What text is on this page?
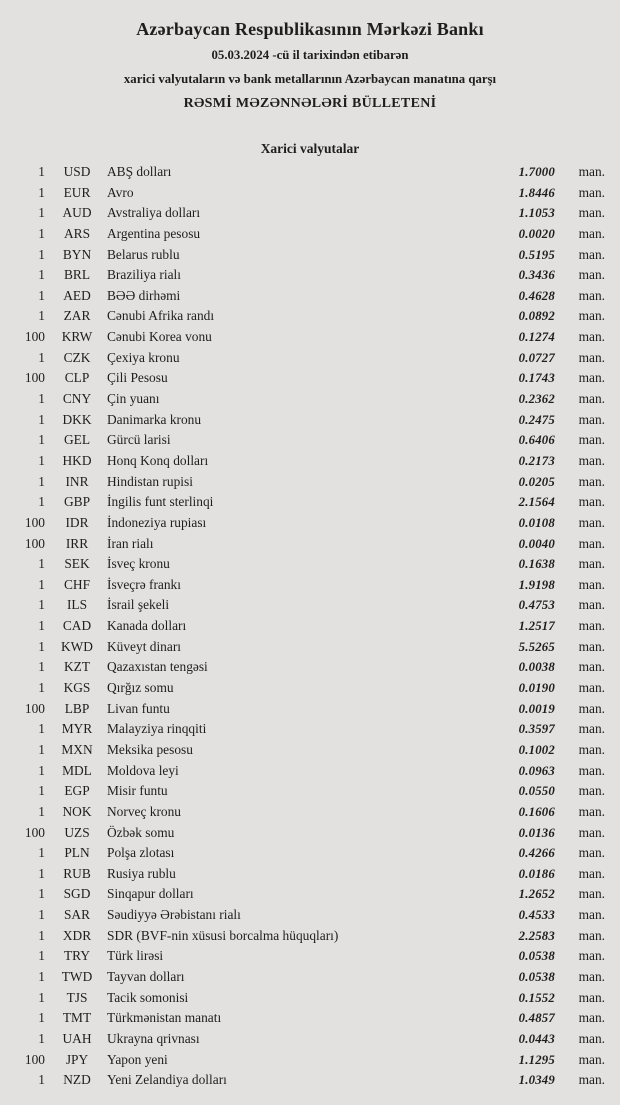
Azərbaycan Respublikasının Mərkəzi Bankı
05.03.2024 -cü il tarixindən etibarən
xarici valyutaların və bank metallarının Azərbaycan manatına qarşı
RƏSMİ MƏZƏNNƏLƏRİ BÜLLETENİ
Xarici valyutalar
1	USD	ABŞ dolları	1.7000	man.
1	EUR	Avro	1.8446	man.
1	AUD	Avstraliya dolları	1.1053	man.
1	ARS	Argentina pesosu	0.0020	man.
1	BYN	Belarus rublu	0.5195	man.
1	BRL	Braziliya rialı	0.3436	man.
1	AED	BƏƏ dirhəmi	0.4628	man.
1	ZAR	Cənubi Afrika randı	0.0892	man.
100	KRW	Cənubi Korea vonu	0.1274	man.
1	CZK	Çexiya kronu	0.0727	man.
100	CLP	Çili Pesosu	0.1743	man.
1	CNY	Çin yuanı	0.2362	man.
1	DKK	Danimarka kronu	0.2475	man.
1	GEL	Gürcü larisi	0.6406	man.
1	HKD	Honq Konq dolları	0.2173	man.
1	INR	Hindistan rupisi	0.0205	man.
1	GBP	İngilis funt sterlinqi	2.1564	man.
100	IDR	İndoneziya rupiası	0.0108	man.
100	IRR	İran rialı	0.0040	man.
1	SEK	İsveç kronu	0.1638	man.
1	CHF	İsveçrə frankı	1.9198	man.
1	ILS	İsrail şekeli	0.4753	man.
1	CAD	Kanada dolları	1.2517	man.
1	KWD	Küveyt dinarı	5.5265	man.
1	KZT	Qazaxıstan tengəsi	0.0038	man.
1	KGS	Qırğız somu	0.0190	man.
100	LBP	Livan funtu	0.0019	man.
1	MYR	Malayziya rinqqiti	0.3597	man.
1	MXN	Meksika pesosu	0.1002	man.
1	MDL	Moldova leyi	0.0963	man.
1	EGP	Misir funtu	0.0550	man.
1	NOK	Norveç kronu	0.1606	man.
100	UZS	Özbək somu	0.0136	man.
1	PLN	Polşa zlotası	0.4266	man.
1	RUB	Rusiya rublu	0.0186	man.
1	SGD	Sinqapur dolları	1.2652	man.
1	SAR	Səudiyyə Ərəbistanı rialı	0.4533	man.
1	XDR	SDR (BVF-nin xüsusi borcalma hüquqları)	2.2583	man.
1	TRY	Türk lirəsi	0.0538	man.
1	TWD	Tayvan dolları	0.0538	man.
1	TJS	Tacik somonisi	0.1552	man.
1	TMT	Türkmənistan manatı	0.4857	man.
1	UAH	Ukrayna qrivnası	0.0443	man.
100	JPY	Yapon yeni	1.1295	man.
1	NZD	Yeni Zelandiya dolları	1.0349	man.
